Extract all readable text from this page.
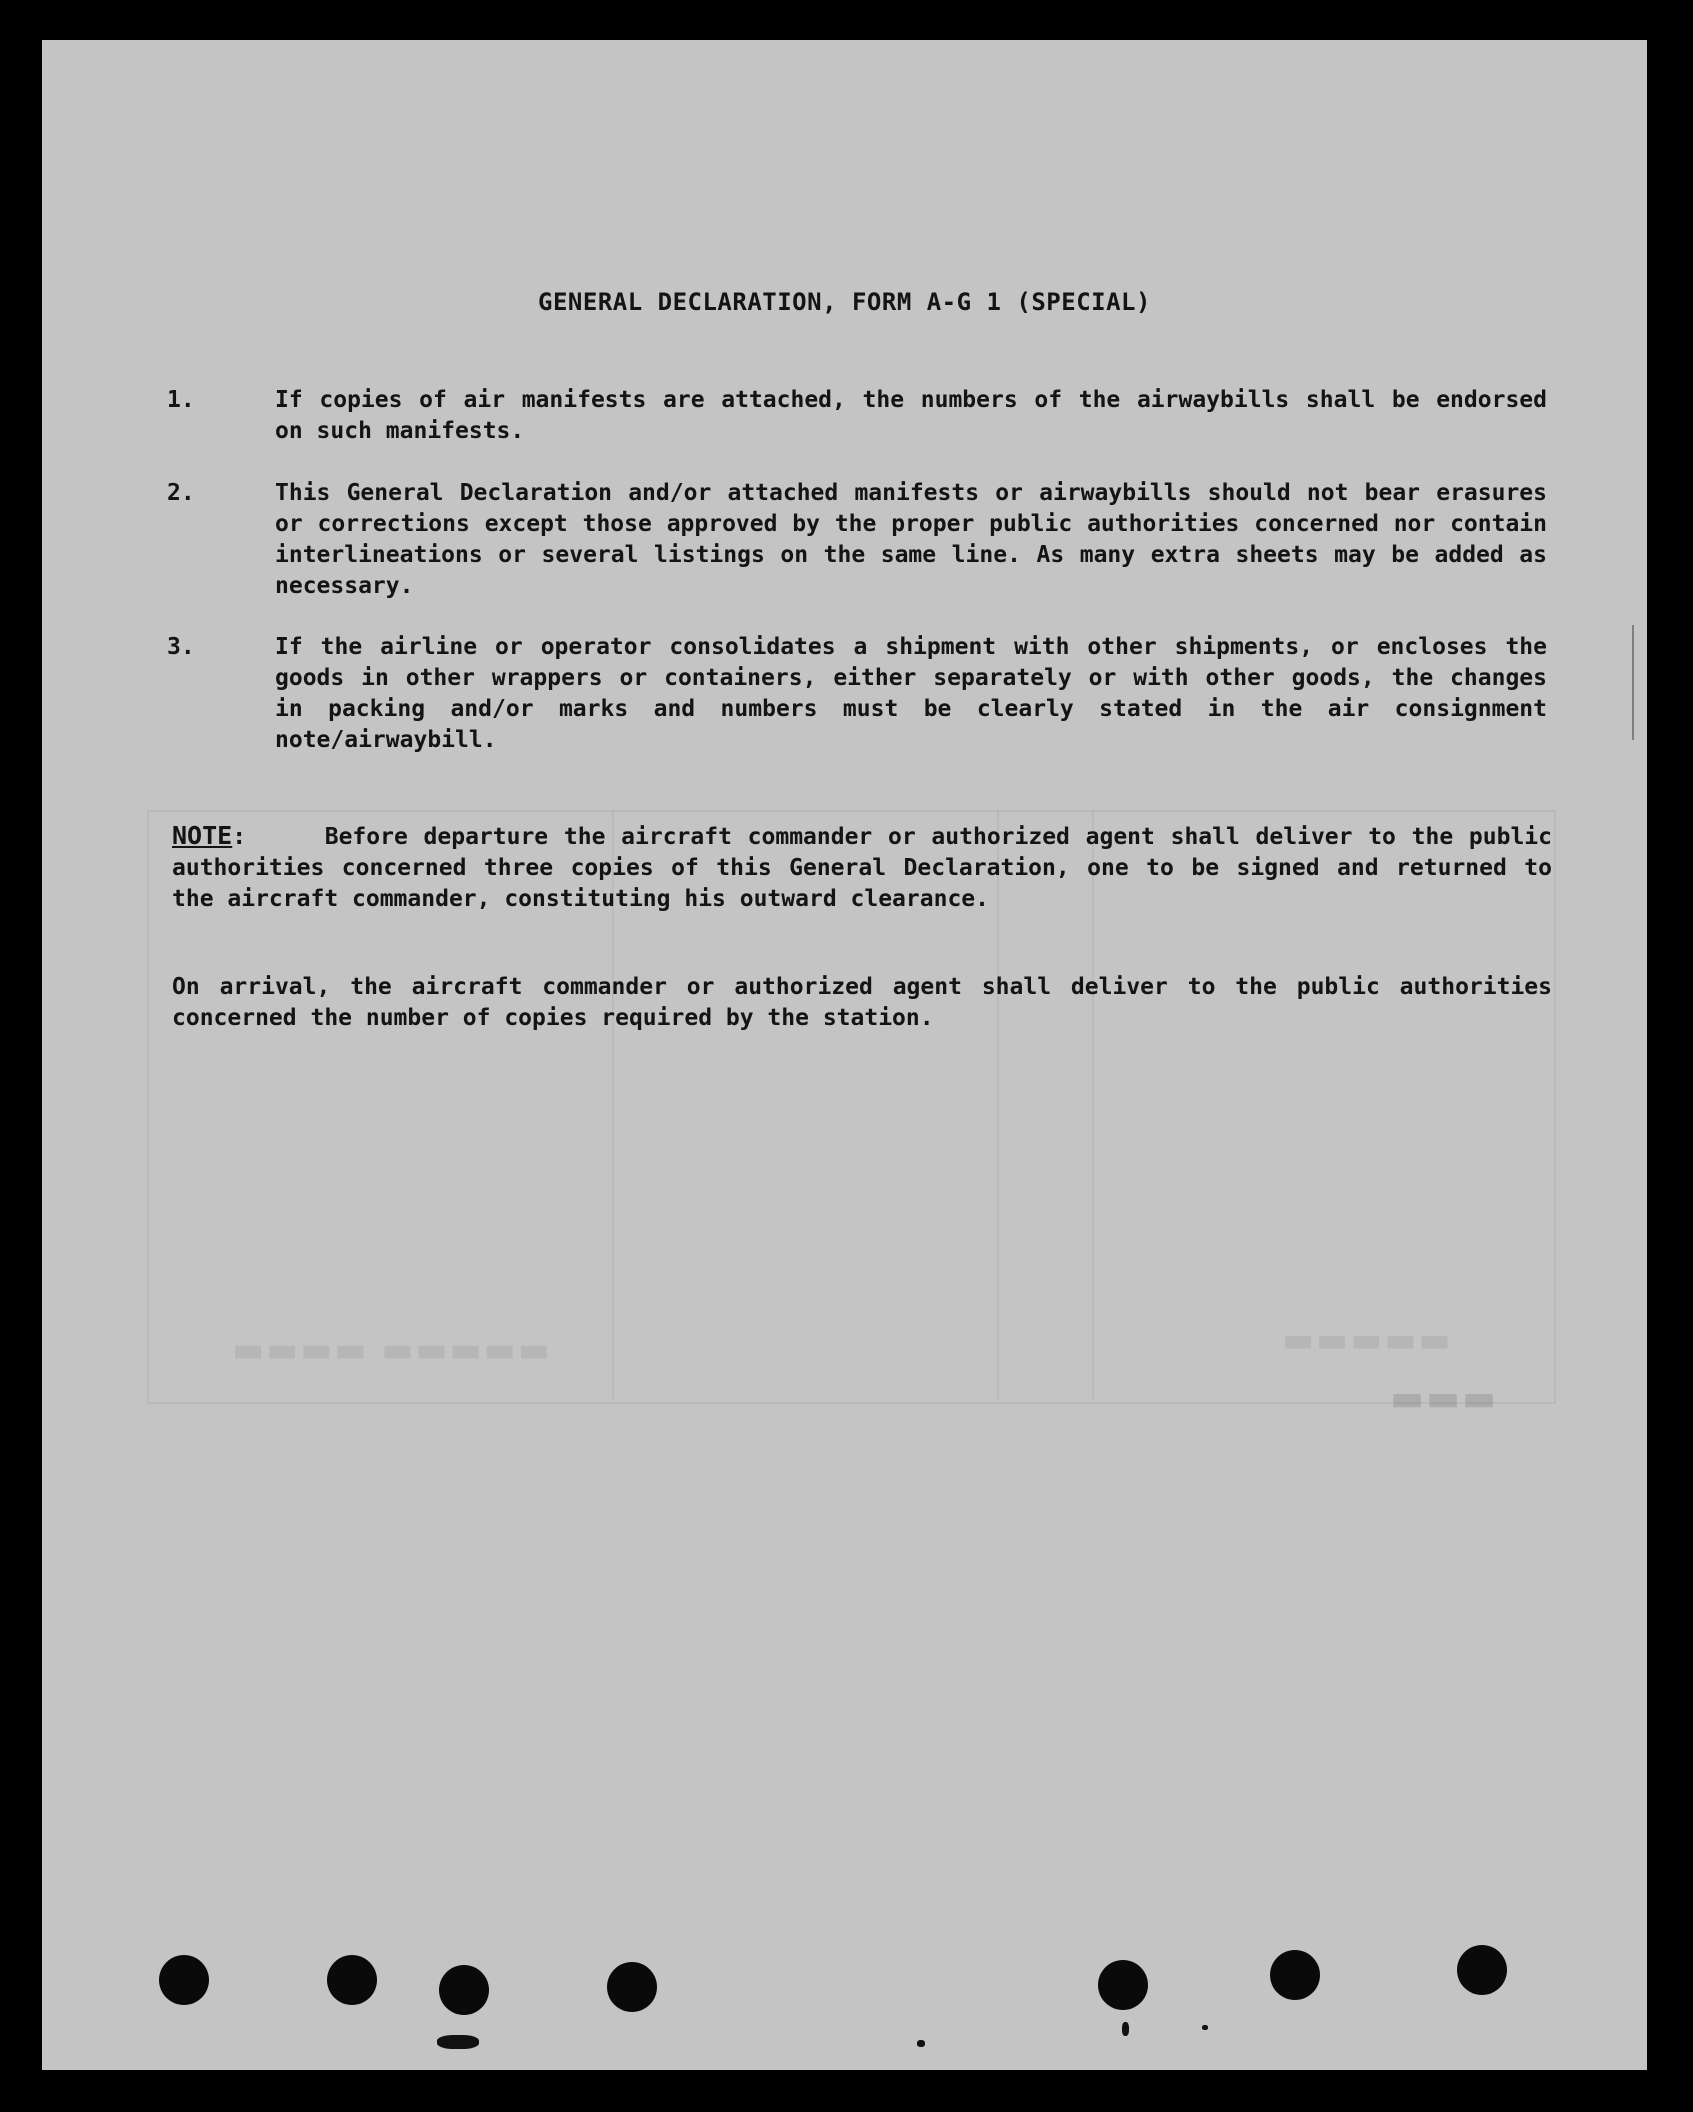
▬▬▬▬ ▬▬▬▬▬	▬▬▬▬▬
▬▬▬
GENERAL DECLARATION, FORM A-G 1 (SPECIAL)
1.	If copies of air manifests are attached, the numbers of the airwaybills shall be endorsed on such manifests.
2.	This General Declaration and/or attached manifests or airwaybills should not bear erasures or corrections except those approved by the proper public authorities concerned nor contain interlineations or several listings on the same line. As many extra sheets may be added as necessary.
3.	If the airline or operator consolidates a shipment with other shipments, or encloses the goods in other wrappers or containers, either separately or with other goods, the changes in packing and/or marks and numbers must be clearly stated in the air consignment note/airwaybill.
NOTE:     Before departure the aircraft commander or authorized agent shall deliver to the public authorities concerned three copies of this General Declaration, one to be signed and returned to the aircraft commander, constituting his outward clearance.
On arrival, the aircraft commander or authorized agent shall deliver to the public authorities concerned the number of copies required by the station.
